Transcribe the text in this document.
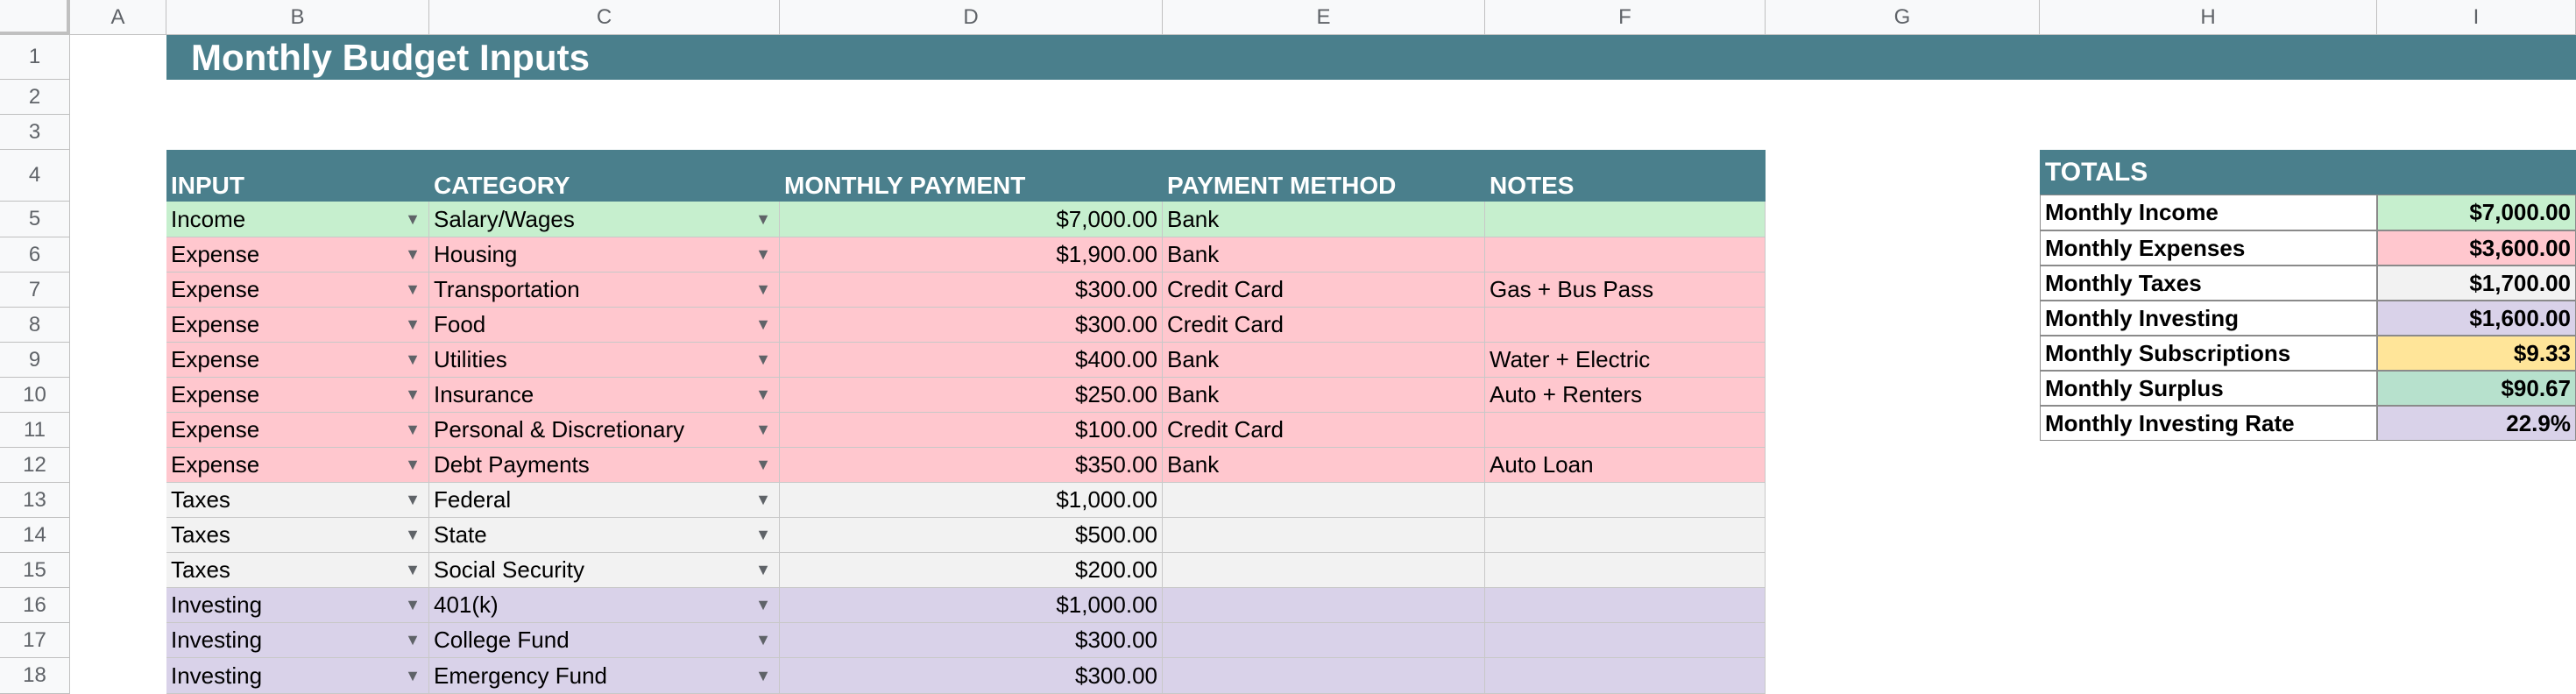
A	B	C	D	E	F	G	H	I
1
2
3
4
5
6
7
8
9
10
11
12
13
14
15
16
17
18
Monthly Budget Inputs
INPUT	CATEGORY	MONTHLY PAYMENT	PAYMENT METHOD	NOTES
Income	▼ Salary/Wages	▼	$7,000.00 Bank
Expense	▼ Housing	▼	$1,900.00 Bank
Expense	▼ Transportation	▼	$300.00 Credit Card	Gas + Bus Pass
Expense	▼ Food	▼	$300.00 Credit Card
Expense	▼ Utilities	▼	$400.00 Bank	Water + Electric
Expense	▼ Insurance	▼	$250.00 Bank	Auto + Renters
Expense	▼ Personal & Discretionary	▼	$100.00 Credit Card
Expense	▼ Debt Payments	▼	$350.00 Bank	Auto Loan
Taxes	▼ Federal	▼	$1,000.00
Taxes	▼ State	▼	$500.00
Taxes	▼ Social Security	▼	$200.00
Investing	▼ 401(k)	▼	$1,000.00
Investing	▼ College Fund	▼	$300.00
Investing	▼ Emergency Fund	▼	$300.00
TOTALS
Monthly Income	$7,000.00
Monthly Expenses	$3,600.00
Monthly Taxes	$1,700.00
Monthly Investing	$1,600.00
Monthly Subscriptions	$9.33
Monthly Surplus	$90.67
Monthly Investing Rate	22.9%
